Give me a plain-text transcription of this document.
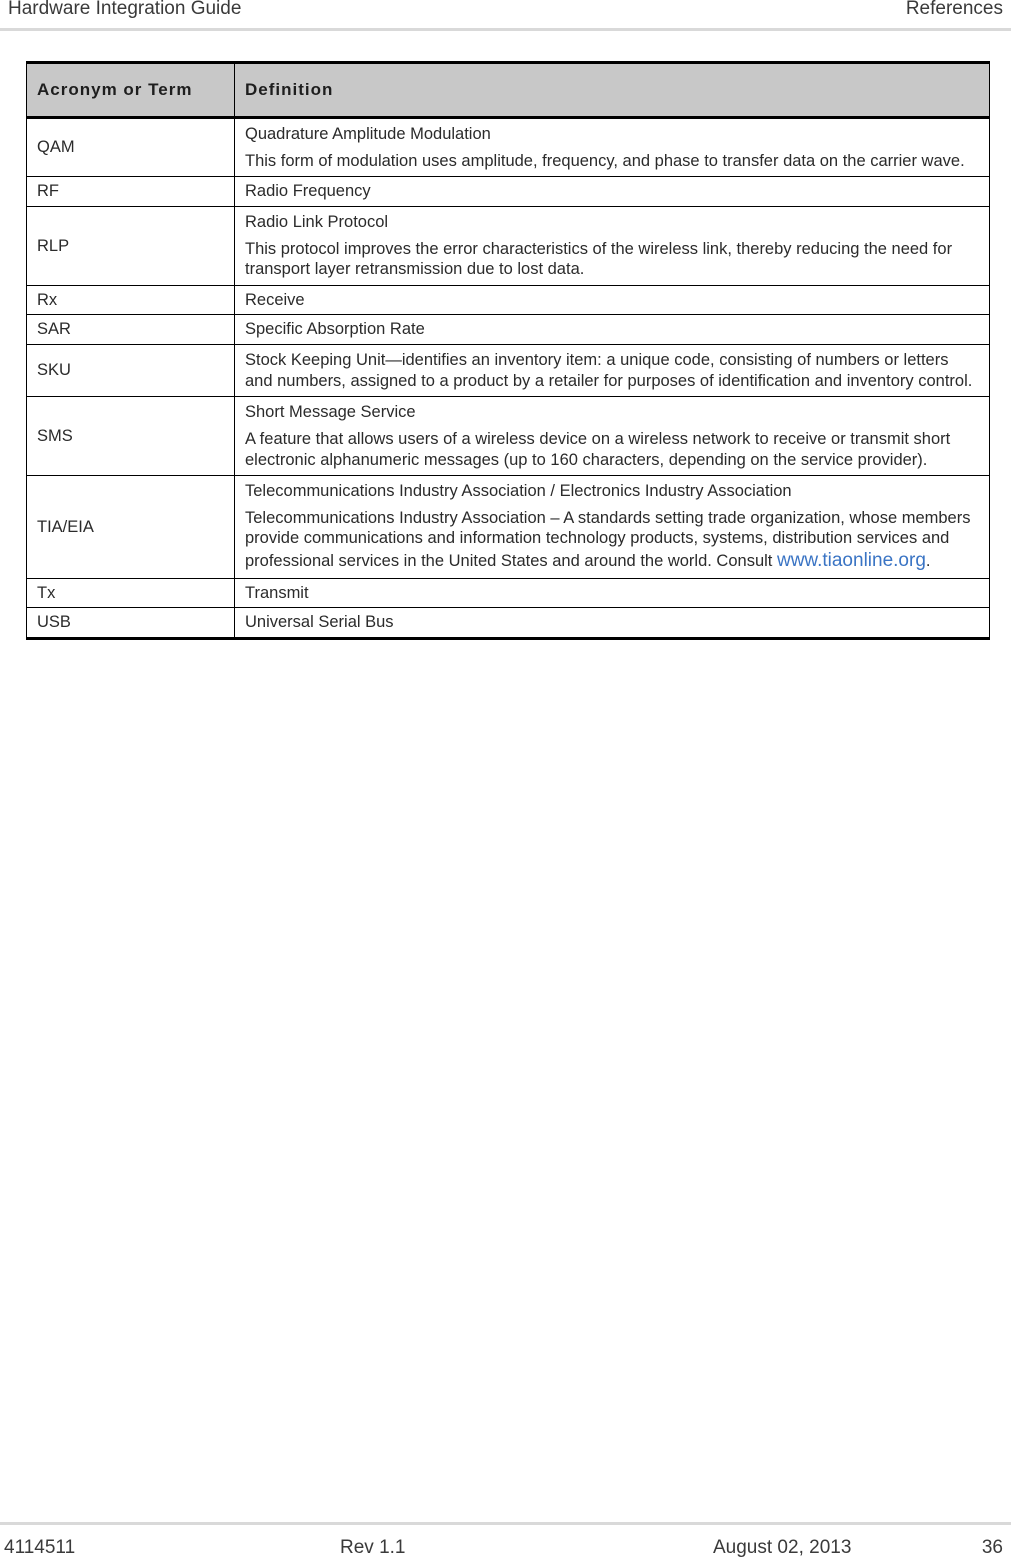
Hardware Integration Guide	References
Acronym or Term	Definition
QAM	Quadrature Amplitude Modulation

This form of modulation uses amplitude, frequency, and phase to transfer data on the carrier wave.

RF	Radio Frequency

RLP	Radio Link Protocol

This protocol improves the error characteristics of the wireless link, thereby reducing the need for transport layer retransmission due to lost data.

Rx	Receive

SAR	Specific Absorption Rate

SKU	Stock Keeping Unit—identifies an inventory item: a unique code, consisting of numbers or letters and numbers, assigned to a product by a retailer for purposes of identification and inventory control.

SMS	Short Message Service

A feature that allows users of a wireless device on a wireless network to receive or transmit short electronic alphanumeric messages (up to 160 characters, depending on the service provider).

TIA/EIA	Telecommunications Industry Association / Electronics Industry Association

Telecommunications Industry Association – A standards setting trade organization, whose members provide communications and information technology products, systems, distribution services and professional services in the United States and around the world. Consult www.tiaonline.org.

Tx	Transmit

USB	Universal Serial Bus

4114511	Rev 1.1	August 02, 2013	36
